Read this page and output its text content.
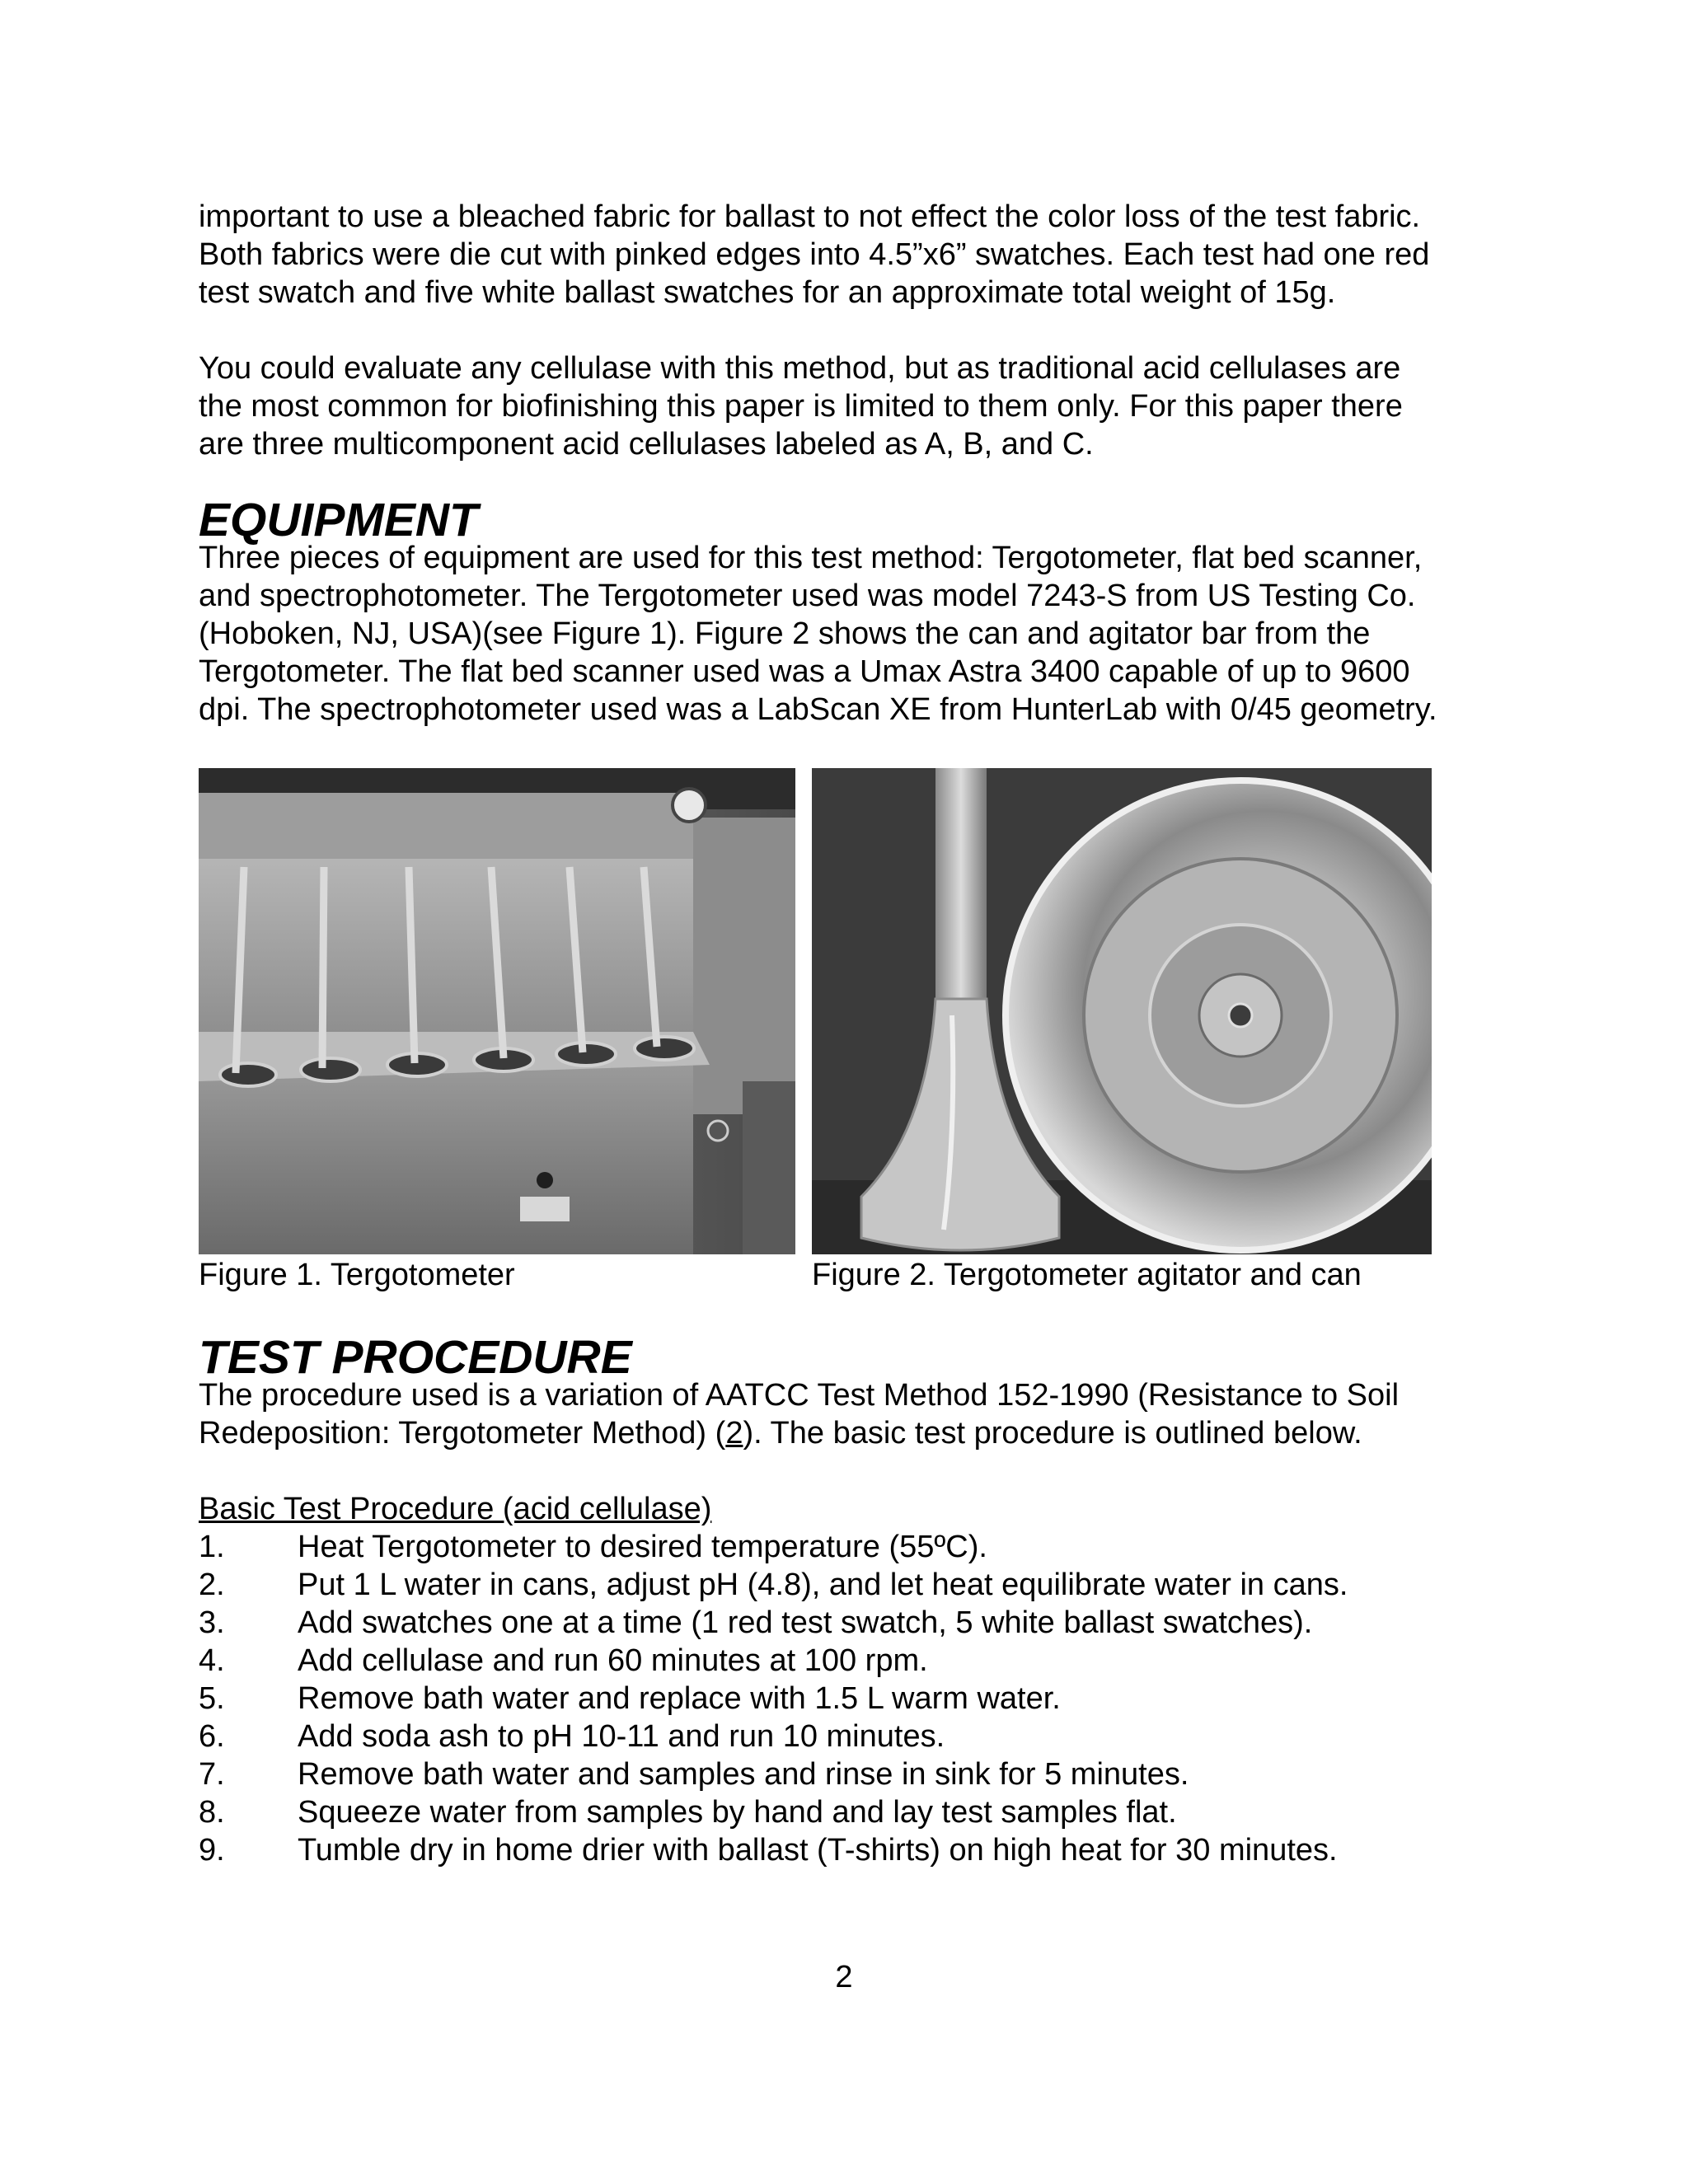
important to use a bleached fabric for ballast to not effect the color loss of the test fabric.
Both fabrics were die cut with pinked edges into 4.5”x6” swatches. Each test had one red
test swatch and five white ballast swatches for an approximate total weight of 15g.

You could evaluate any cellulase with this method, but as traditional acid cellulases are
the most common for biofinishing this paper is limited to them only. For this paper there
are three multicomponent acid cellulases labeled as A, B, and C.

EQUIPMENT

Three pieces of equipment are used for this test method: Tergotometer, flat bed scanner,
and spectrophotometer. The Tergotometer used was model 7243-S from US Testing Co.
(Hoboken, NJ, USA)(see Figure 1). Figure 2 shows the can and agitator bar from the
Tergotometer. The flat bed scanner used was a Umax Astra 3400 capable of up to 9600
dpi. The spectrophotometer used was a LabScan XE from HunterLab with 0/45 geometry.

Figure 1. Tergotometer	Figure 2. Tergotometer agitator and can
TEST PROCEDURE

The procedure used is a variation of AATCC Test Method 152-1990 (Resistance to Soil
Redeposition: Tergotometer Method) (2). The basic test procedure is outlined below.

Basic Test Procedure (acid cellulase)

1.	Heat Tergotometer to desired temperature (55ºC).
2.	Put 1 L water in cans, adjust pH (4.8), and let heat equilibrate water in cans.
3.	Add swatches one at a time (1 red test swatch, 5 white ballast swatches).
4.	Add cellulase and run 60 minutes at 100 rpm.
5.	Remove bath water and replace with 1.5 L warm water.
6.	Add soda ash to pH 10-11 and run 10 minutes.
7.	Remove bath water and samples and rinse in sink for 5 minutes.
8.	Squeeze water from samples by hand and lay test samples flat.
9.	Tumble dry in home drier with ballast (T-shirts) on high heat for 30 minutes.
2
